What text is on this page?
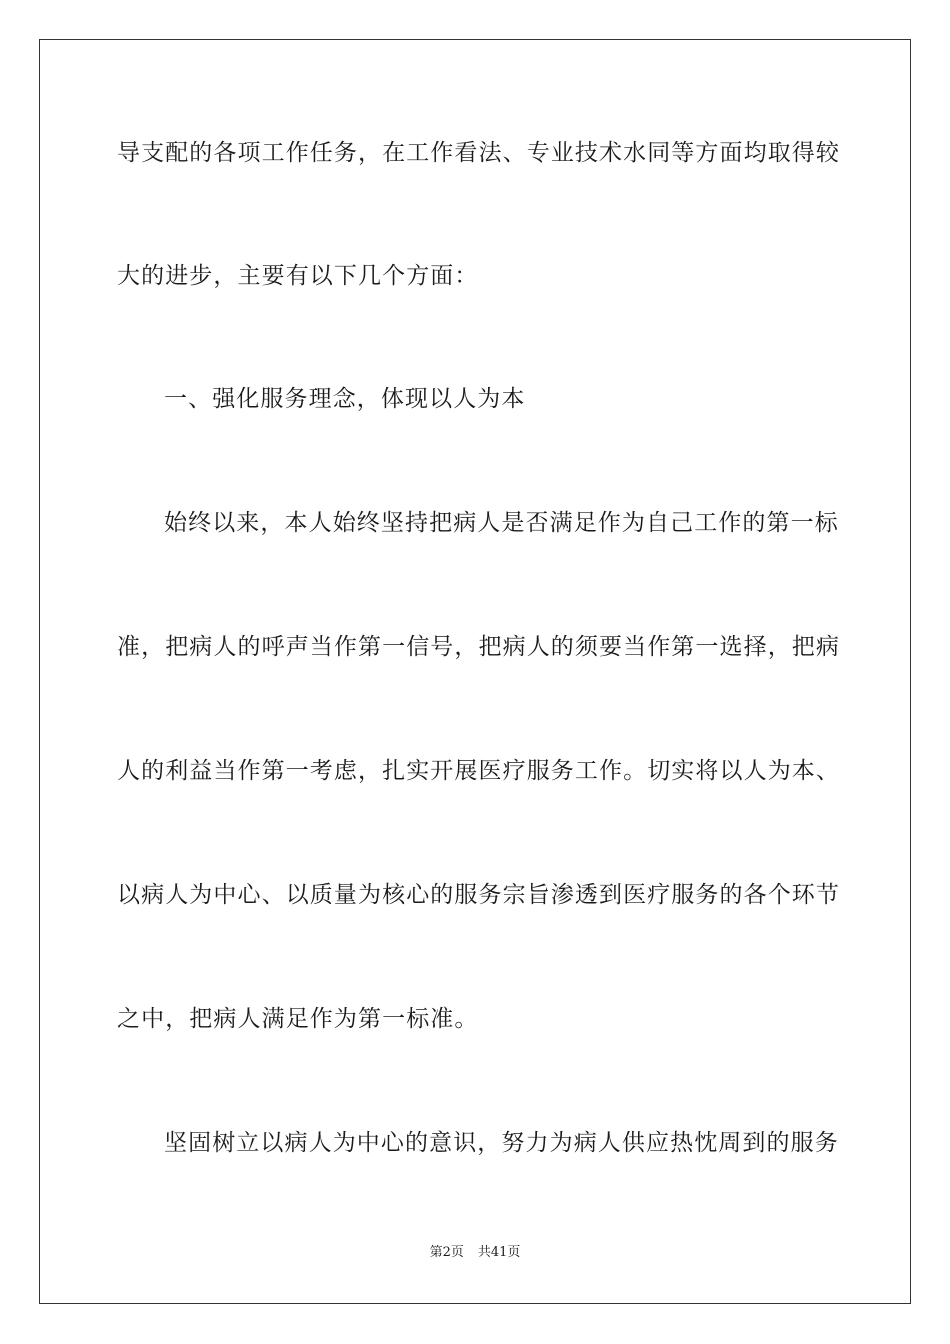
导支配的各项工作任务，在工作看法、专业技术水同等方面均取得较
大的进步，主要有以下几个方面：
一、强化服务理念，体现以人为本
始终以来，本人始终坚持把病人是否满足作为自己工作的第一标
准，把病人的呼声当作第一信号，把病人的须要当作第一选择，把病
人的利益当作第一考虑，扎实开展医疗服务工作。切实将以人为本、
以病人为中心、以质量为核心的服务宗旨渗透到医疗服务的各个环节
之中，把病人满足作为第一标准。
坚固树立以病人为中心的意识，努力为病人供应热忱周到的服务
第2页 共41页
